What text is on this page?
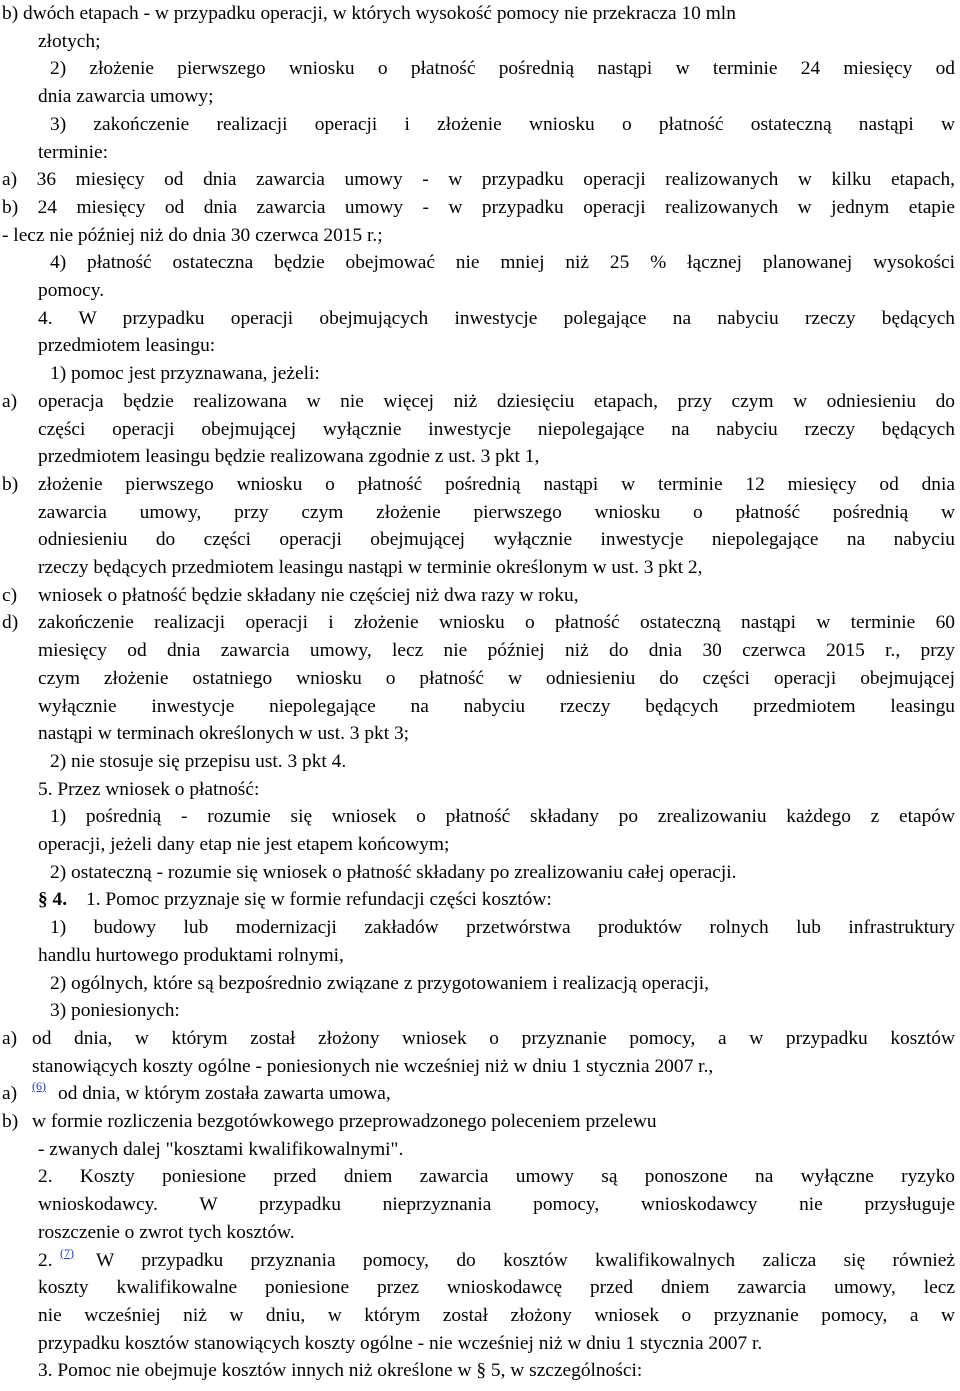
b) dwóch etapach - w przypadku operacji, w których wysokość pomocy nie przekracza 10 mln
złotych;
2) złożenie pierwszego wniosku o płatność pośrednią nastąpi w terminie 24 miesięcy od
dnia zawarcia umowy;
3) zakończenie realizacji operacji i złożenie wniosku o płatność ostateczną nastąpi w
terminie:
a) 36 miesięcy od dnia zawarcia umowy - w przypadku operacji realizowanych w kilku etapach,
b) 24 miesięcy od dnia zawarcia umowy - w przypadku operacji realizowanych w jednym etapie
- lecz nie później niż do dnia 30 czerwca 2015 r.;
4) płatność ostateczna będzie obejmować nie mniej niż 25 % łącznej planowanej wysokości
pomocy.
4. W przypadku operacji obejmujących inwestycje polegające na nabyciu rzeczy będących
przedmiotem leasingu:
1) pomoc jest przyznawana, jeżeli:
a) operacja będzie realizowana w nie więcej niż dziesięciu etapach, przy czym w odniesieniu do
części operacji obejmującej wyłącznie inwestycje niepolegające na nabyciu rzeczy będących
przedmiotem leasingu będzie realizowana zgodnie z ust. 3 pkt 1,
b) złożenie pierwszego wniosku o płatność pośrednią nastąpi w terminie 12 miesięcy od dnia
zawarcia umowy, przy czym złożenie pierwszego wniosku o płatność pośrednią w
odniesieniu do części operacji obejmującej wyłącznie inwestycje niepolegające na nabyciu
rzeczy będących przedmiotem leasingu nastąpi w terminie określonym w ust. 3 pkt 2,
c) wniosek o płatność będzie składany nie częściej niż dwa razy w roku,
d) zakończenie realizacji operacji i złożenie wniosku o płatność ostateczną nastąpi w terminie 60
miesięcy od dnia zawarcia umowy, lecz nie później niż do dnia 30 czerwca 2015 r., przy
czym złożenie ostatniego wniosku o płatność w odniesieniu do części operacji obejmującej
wyłącznie inwestycje niepolegające na nabyciu rzeczy będących przedmiotem leasingu
nastąpi w terminach określonych w ust. 3 pkt 3;
2) nie stosuje się przepisu ust. 3 pkt 4.
5. Przez wniosek o płatność:
1) pośrednią - rozumie się wniosek o płatność składany po zrealizowaniu każdego z etapów
operacji, jeżeli dany etap nie jest etapem końcowym;
2) ostateczną - rozumie się wniosek o płatność składany po zrealizowaniu całej operacji.
§ 4. 1. Pomoc przyznaje się w formie refundacji części kosztów:
1) budowy lub modernizacji zakładów przetwórstwa produktów rolnych lub infrastruktury
handlu hurtowego produktami rolnymi,
2) ogólnych, które są bezpośrednio związane z przygotowaniem i realizacją operacji,
3) poniesionych:
a) od dnia, w którym został złożony wniosek o przyznanie pomocy, a w przypadku kosztów
stanowiących koszty ogólne - poniesionych nie wcześniej niż w dniu 1 stycznia 2007 r.,
a) $^{(6)}$ od dnia, w którym została zawarta umowa,
b) w formie rozliczenia bezgotówkowego przeprowadzonego poleceniem przelewu
- zwanych dalej "kosztami kwalifikowalnymi".
2. Koszty poniesione przed dniem zawarcia umowy są ponoszone na wyłączne ryzyko
wnioskodawcy. W przypadku nieprzyznania pomocy, wnioskodawcy nie przysługuje
roszczenie o zwrot tych kosztów.
2. $^{(7)}$ W przypadku przyznania pomocy, do kosztów kwalifikowalnych zalicza się również
koszty kwalifikowalne poniesione przez wnioskodawcę przed dniem zawarcia umowy, lecz
nie wcześniej niż w dniu, w którym został złożony wniosek o przyznanie pomocy, a w
przypadku kosztów stanowiących koszty ogólne - nie wcześniej niż w dniu 1 stycznia 2007 r.
3. Pomoc nie obejmuje kosztów innych niż określone w § 5, w szczególności:
